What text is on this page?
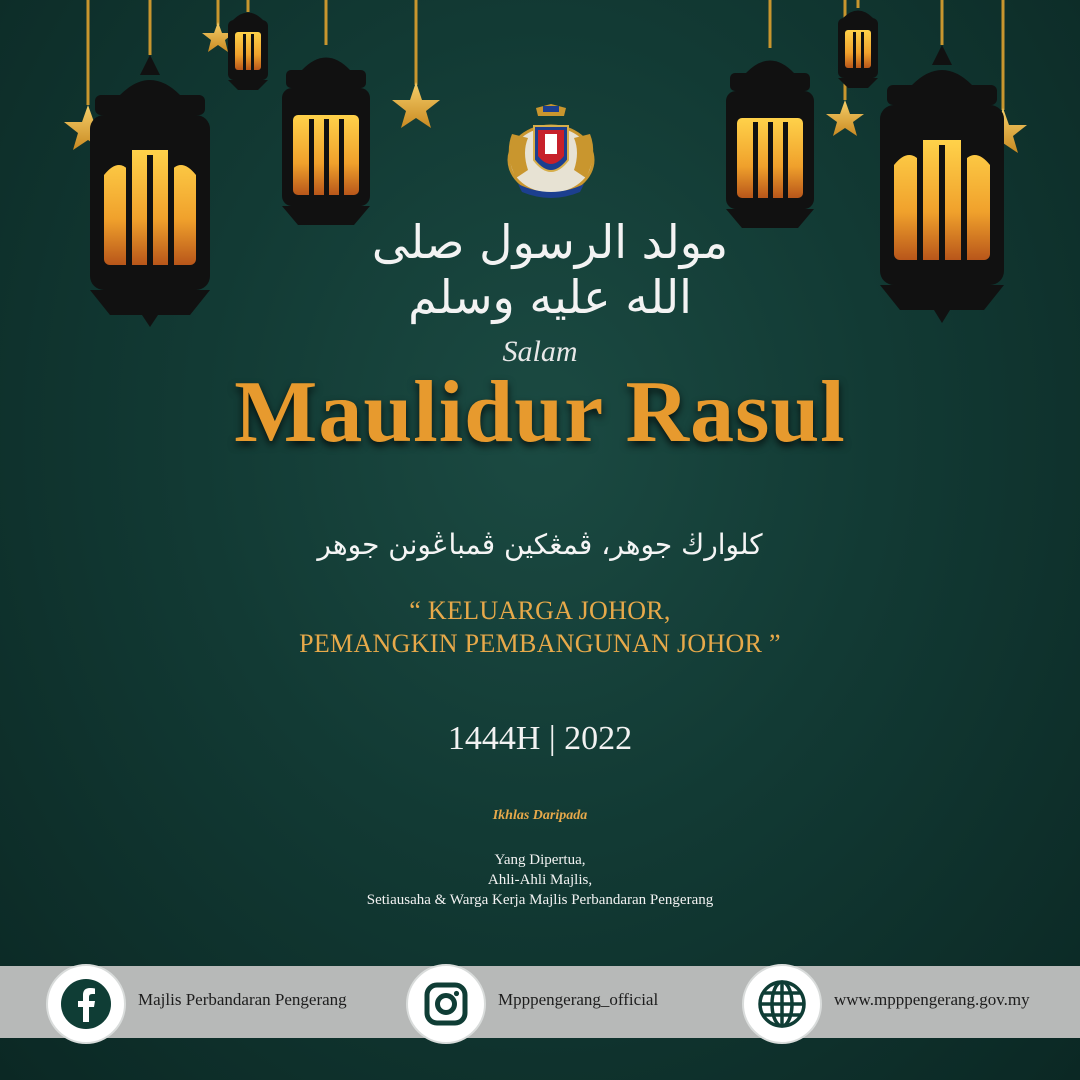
مولد الرسول صلى الله عليه وسلم
Salam
Maulidur Rasul
كلوارڬ جوهر، ڤمڠكين ڤمباڠونن جوهر
“ KELUARGA JOHOR,
PEMANGKIN PEMBANGUNAN JOHOR ”
1444H | 2022
Ikhlas Daripada
Yang Dipertua,
Ahli-Ahli Majlis,
Setiausaha & Warga Kerja Majlis Perbandaran Pengerang
Majlis Perbandaran Pengerang	Mpppengerang_official	www.mpppengerang.gov.my
